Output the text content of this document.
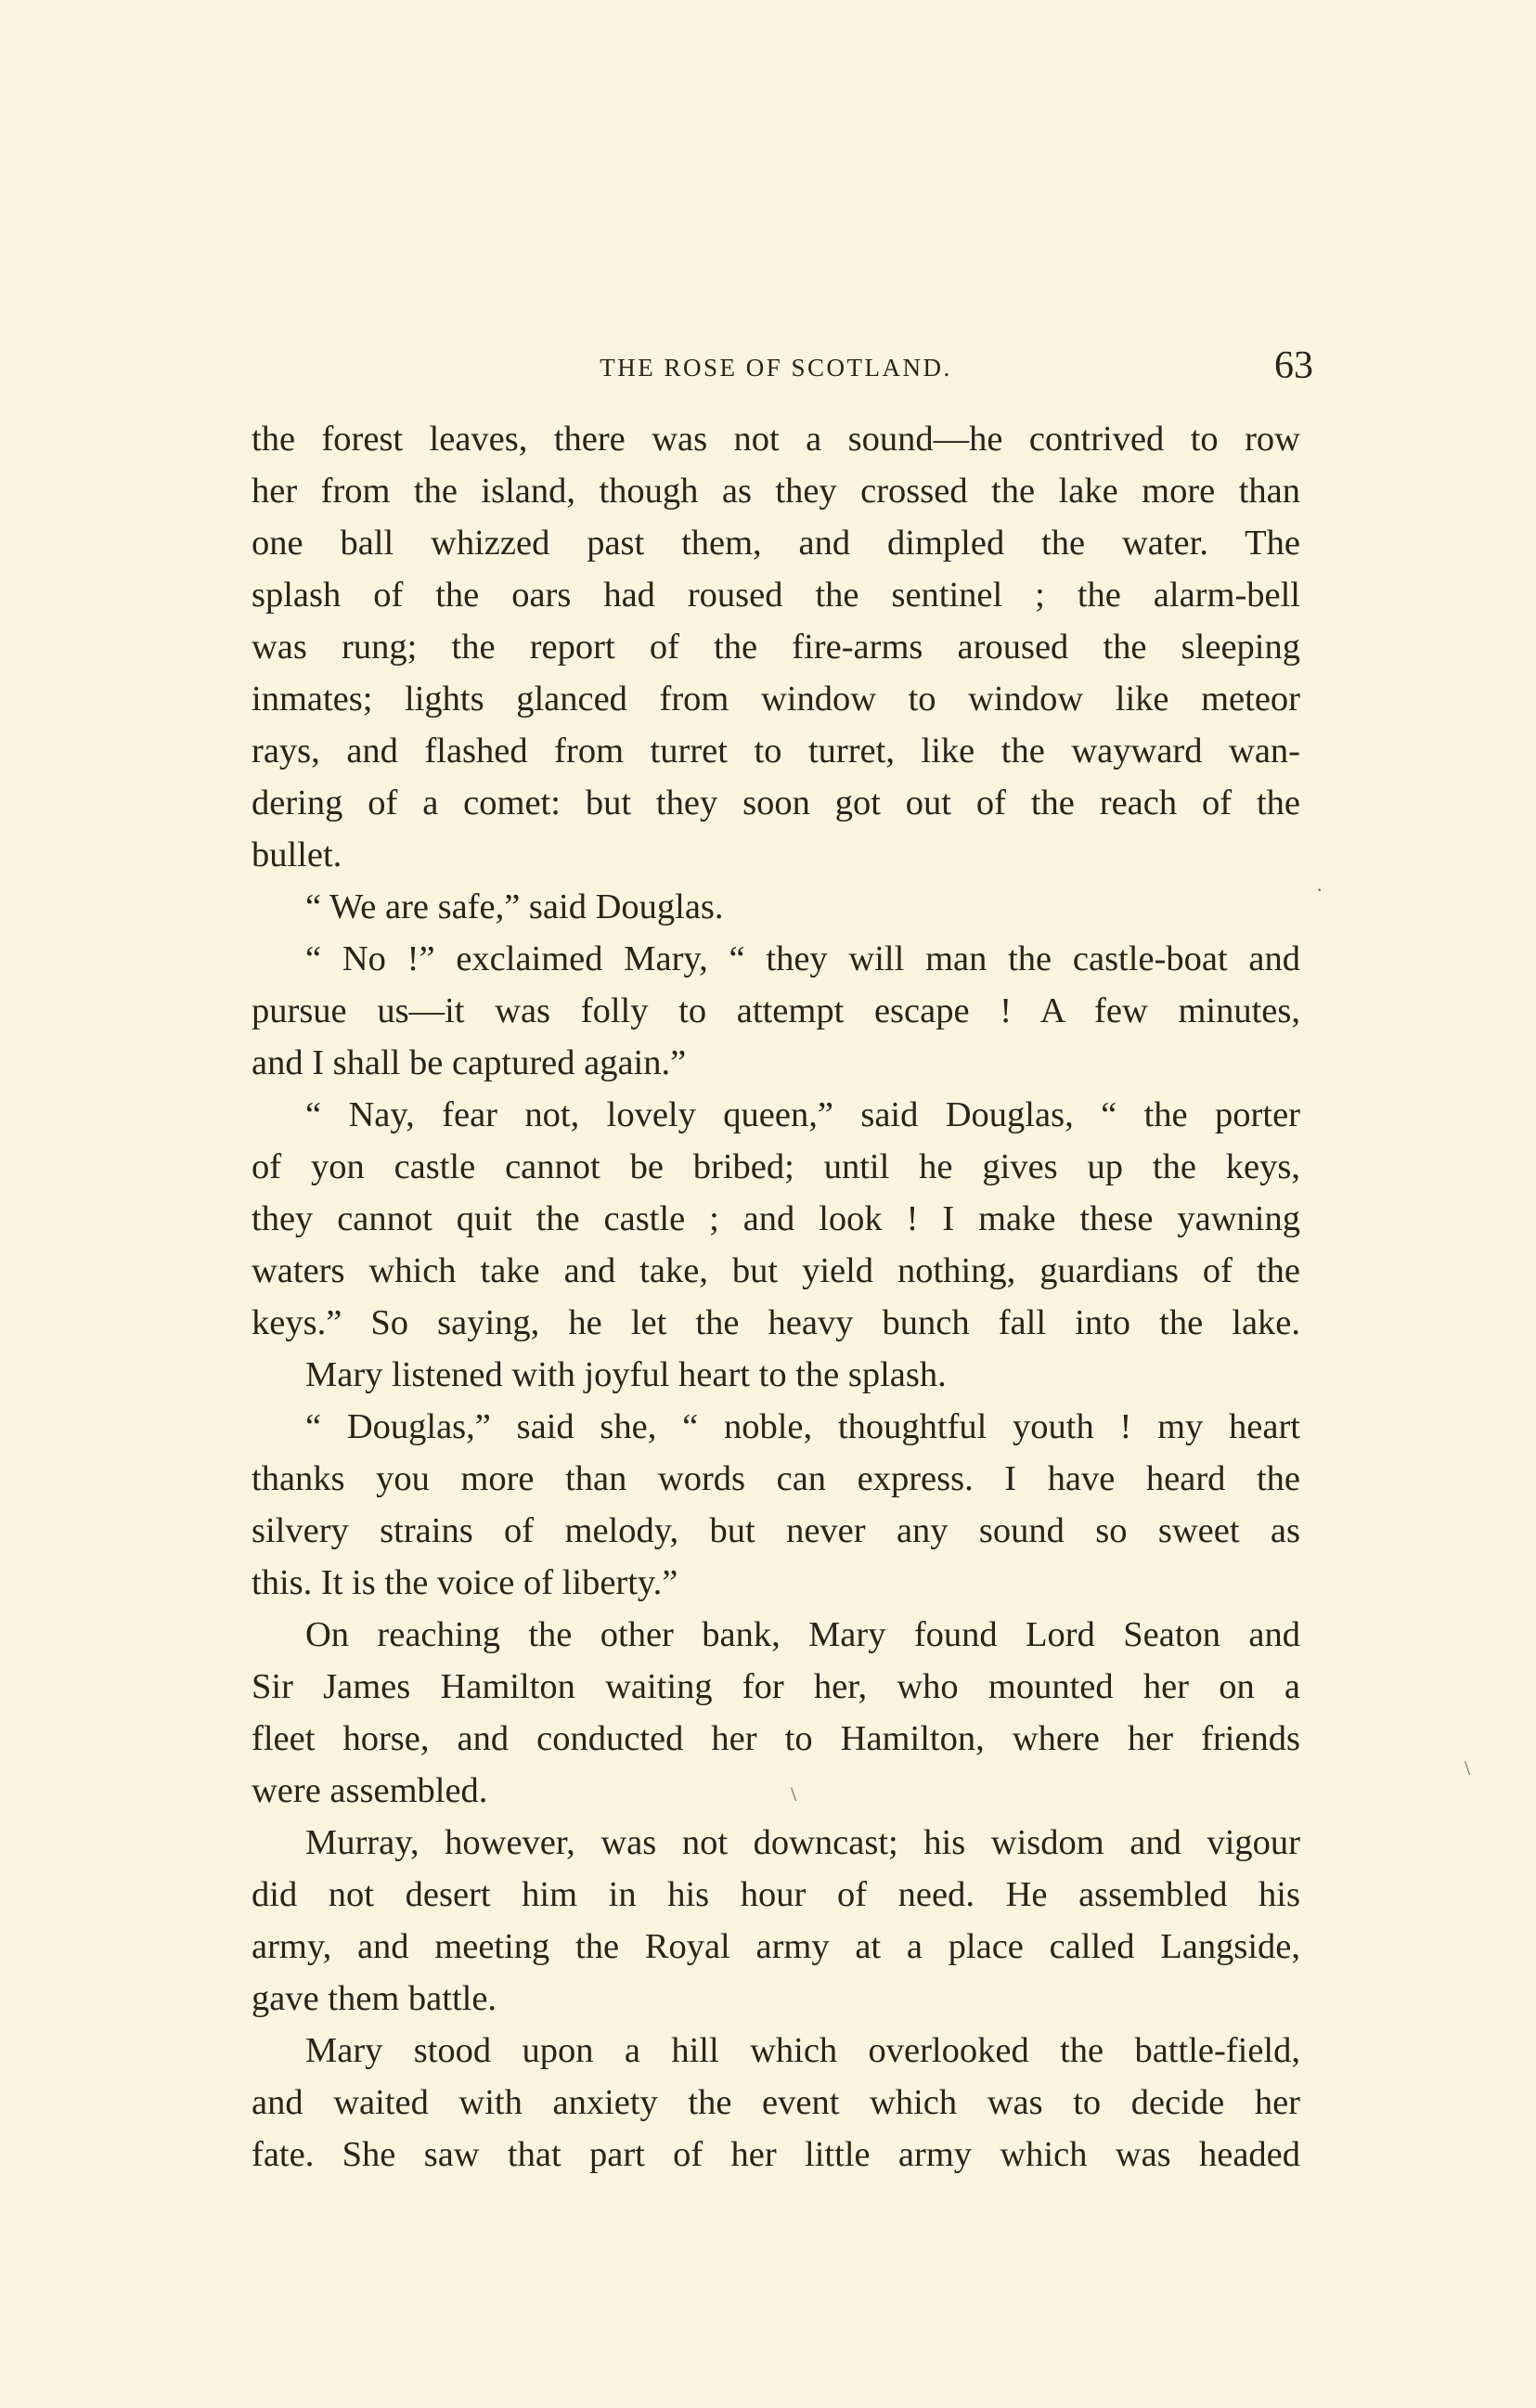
THE ROSE OF SCOTLAND.	63
the forest leaves, there was not a sound—he contrived to row
her from the island, though as they crossed the lake more than
one ball whizzed past them, and dimpled the water. The
splash of the oars had roused the sentinel ; the alarm-bell
was rung; the report of the fire-arms aroused the sleeping
inmates; lights glanced from window to window like meteor
rays, and flashed from turret to turret, like the wayward wan-
dering of a comet: but they soon got out of the reach of the
bullet.
“ We are safe,” said Douglas.
“ No !” exclaimed Mary, “ they will man the castle-boat and
pursue us—it was folly to attempt escape ! A few minutes,
and I shall be captured again.”
“ Nay, fear not, lovely queen,” said Douglas, “ the porter
of yon castle cannot be bribed; until he gives up the keys,
they cannot quit the castle ; and look ! I make these yawning
waters which take and take, but yield nothing, guardians of the
keys.” So saying, he let the heavy bunch fall into the lake.
Mary listened with joyful heart to the splash.
“ Douglas,” said she, “ noble, thoughtful youth ! my heart
thanks you more than words can express. I have heard the
silvery strains of melody, but never any sound so sweet as
this. It is the voice of liberty.”
On reaching the other bank, Mary found Lord Seaton and
Sir James Hamilton waiting for her, who mounted her on a
fleet horse, and conducted her to Hamilton, where her friends
were assembled.
Murray, however, was not downcast; his wisdom and vigour
did not desert him in his hour of need. He assembled his
army, and meeting the Royal army at a place called Langside,
gave them battle.
Mary stood upon a hill which overlooked the battle-field,
and waited with anxiety the event which was to decide her
fate. She saw that part of her little army which was headed
·
\
\
